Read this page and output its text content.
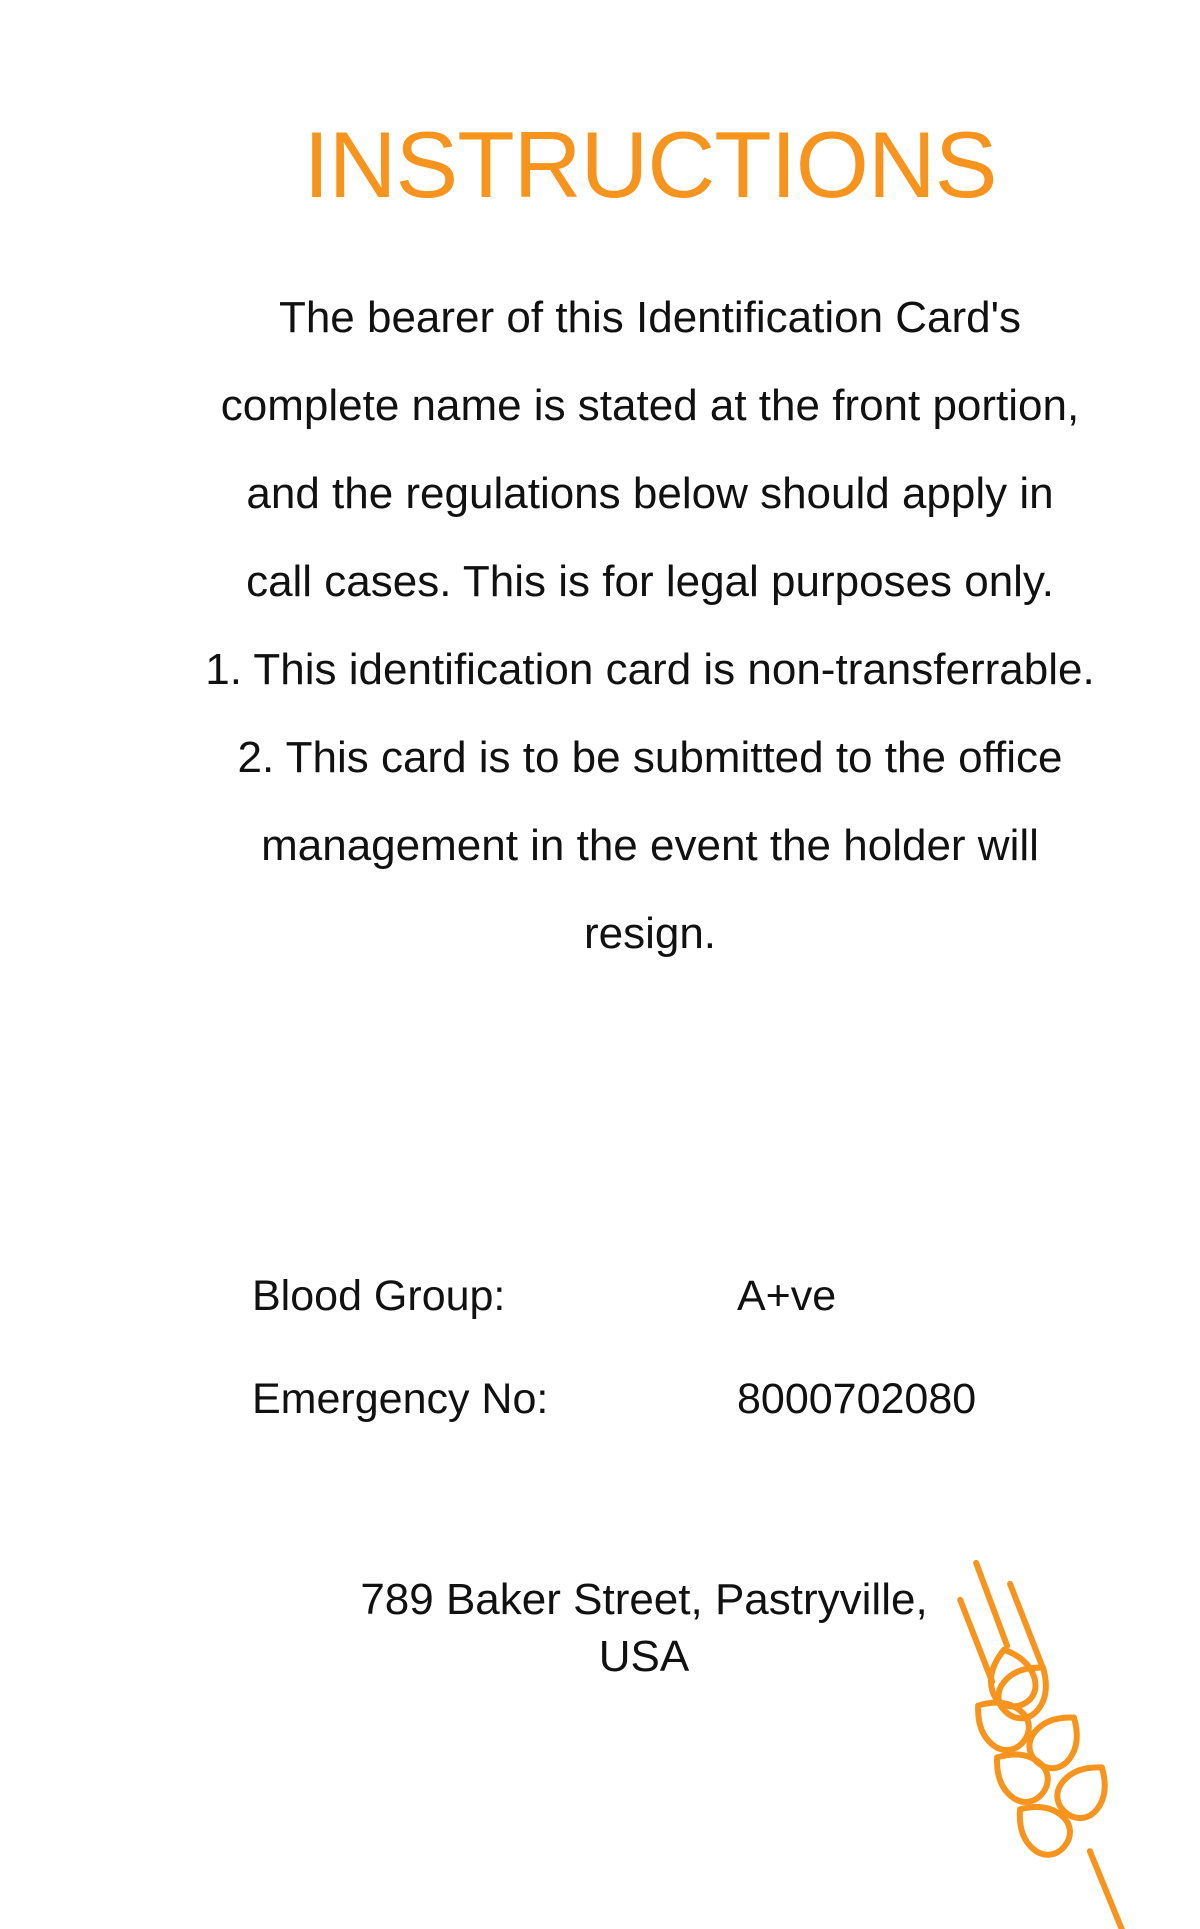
INSTRUCTIONS
The bearer of this Identification Card's
complete name is stated at the front portion,
and the regulations below should apply in
call cases. This is for legal purposes only.
1. This identification card is non-transferrable.
2. This card is to be submitted to the office
management in the event the holder will
resign.
Blood Group:	A+ve
Emergency No:	8000702080
789 Baker Street, Pastryville,
USA
